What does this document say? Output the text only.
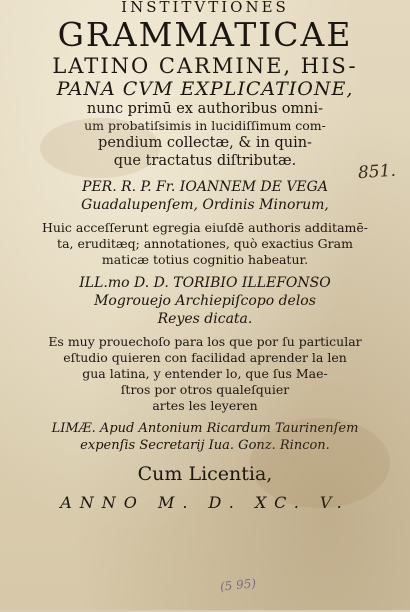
INSTITVTIONES

GRAMMATICAE

LATINO CARMINE, HIS-

PANA CVM EXPLICATIONE,

nunc primū ex authoribus omni-

um probatiſsimis in lucidiſſimum com-

pendium collectæ, & in quin-

que tractatus diſtributæ.

PER. R. P. Fr. IOANNEM DE VEGA

Guadalupenſem, Ordinis Minorum,

Huic acceſſerunt egregia eiuſdē authoris additamē-

ta, eruditæq; annotationes, quò exactius Gram

maticæ totius cognitio habeatur.

ILL.mo D. D. TORIBIO ILLEFONSO

Mogrouejo Archiepiſcopo delos

Reyes dicata.

Es muy prouechoſo para los que por ſu particular

eſtudio quieren con facilidad aprender la len

gua latina, y entender lo, que ſus Mae-

ſtros por otros qualeſquier

artes les leyeren

LIMÆ. Apud Antonium Ricardum Taurinenſem

expenſis Secretarij Iua. Gonz. Rincon.

Cum Licentia,

ANNO M. D. XC. V.

851.
(5 95)
